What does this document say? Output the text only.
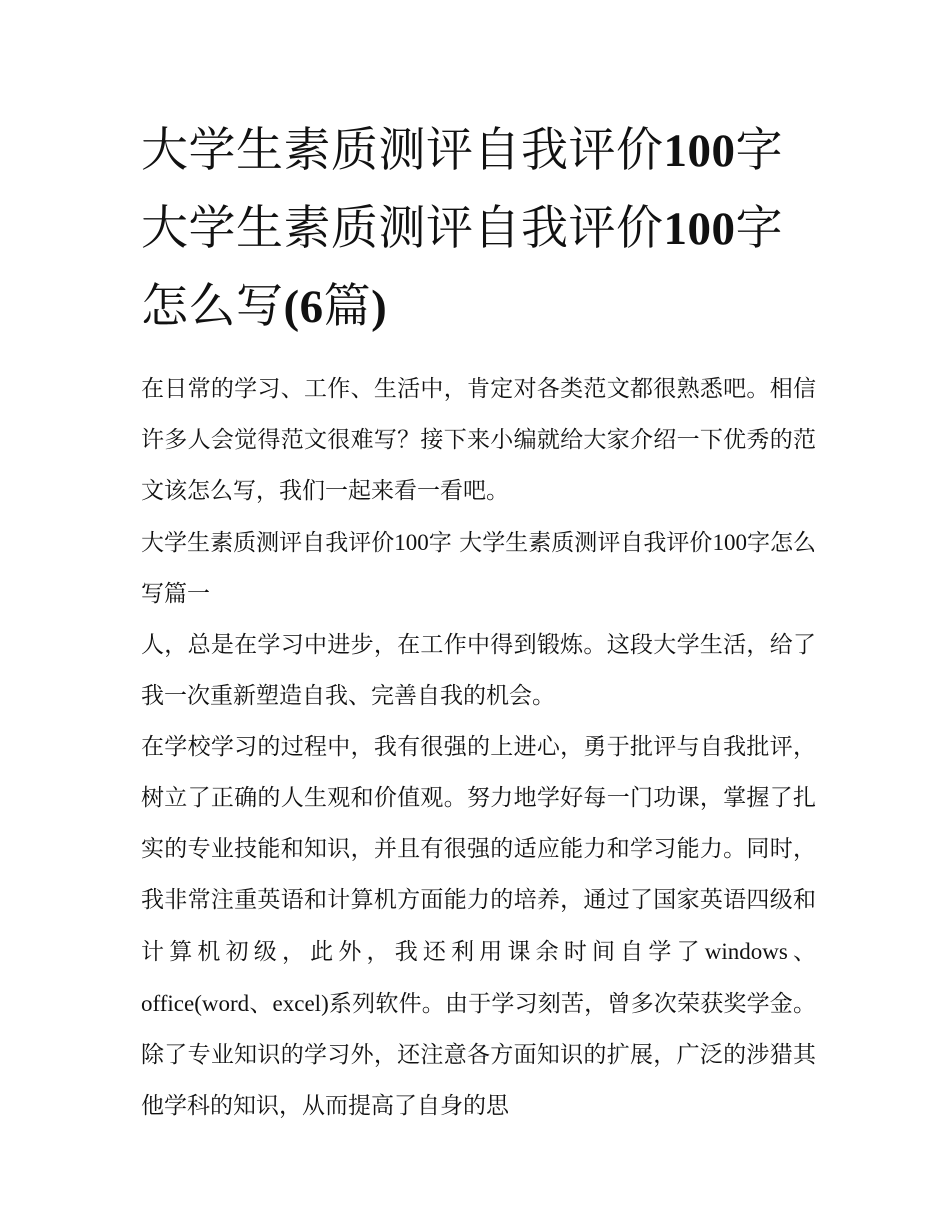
大学生素质测评自我评价100字 大学生素质测评自我评价100字怎么写(6篇)

在日常的学习、工作、生活中，肯定对各类范文都很熟悉吧。相信许多人会觉得范文很难写？接下来小编就给大家介绍一下优秀的范文该怎么写，我们一起来看一看吧。

大学生素质测评自我评价100字 大学生素质测评自我评价100字怎么写篇一

人，总是在学习中进步，在工作中得到锻炼。这段大学生活，给了我一次重新塑造自我、完善自我的机会。

在学校学习的过程中，我有很强的上进心，勇于批评与自我批评，树立了正确的人生观和价值观。努力地学好每一门功课，掌握了扎实的专业技能和知识，并且有很强的适应能力和学习能力。同时，我非常注重英语和计算机方面能力的培养，通过了国家英语四级和计算机初级，此外，我还利用课余时间自学了windows、office(word、excel)系列软件。由于学习刻苦，曾多次荣获奖学金。除了专业知识的学习外，还注意各方面知识的扩展，广泛的涉猎其他学科的知识，从而提高了自身的思
